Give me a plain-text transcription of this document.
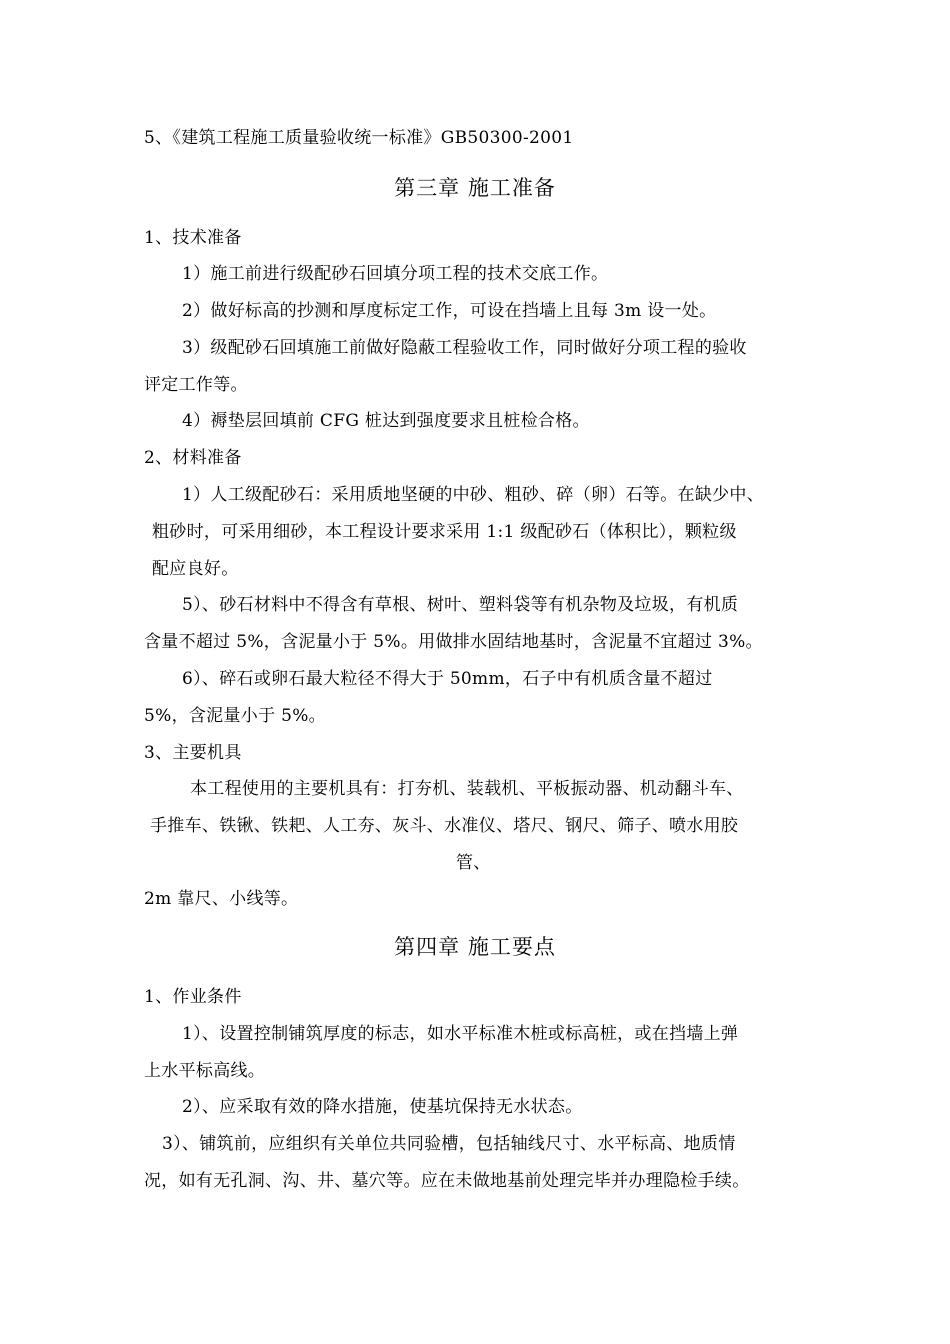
5、《建筑工程施工质量验收统一标准》GB50300-2001
第三章 施工准备
1、技术准备
1）施工前进行级配砂石回填分项工程的技术交底工作。
2）做好标高的抄测和厚度标定工作，可设在挡墙上且每 3m 设一处。
3）级配砂石回填施工前做好隐蔽工程验收工作，同时做好分项工程的验收
评定工作等。
4）褥垫层回填前 CFG 桩达到强度要求且桩检合格。
2、材料准备
1）人工级配砂石：采用质地坚硬的中砂、粗砂、碎（卵）石等。在缺少中、
粗砂时，可采用细砂，本工程设计要求采用 1:1 级配砂石（体积比），颗粒级
配应良好。
5）、砂石材料中不得含有草根、树叶、塑料袋等有机杂物及垃圾，有机质
含量不超过 5%，含泥量小于 5%。用做排水固结地基时，含泥量不宜超过 3%。
6）、碎石或卵石最大粒径不得大于 50mm，石子中有机质含量不超过
5%，含泥量小于 5%。
3、主要机具
本工程使用的主要机具有：打夯机、装载机、平板振动器、机动翻斗车、
手推车、铁锹、铁耙、人工夯、灰斗、水准仪、塔尺、钢尺、筛子、喷水用胶
管、
2m 靠尺、小线等。
第四章 施工要点
1、作业条件
1）、设置控制铺筑厚度的标志，如水平标准木桩或标高桩，或在挡墙上弹
上水平标高线。
2）、应采取有效的降水措施，使基坑保持无水状态。
3）、铺筑前，应组织有关单位共同验槽，包括轴线尺寸、水平标高、地质情
况，如有无孔洞、沟、井、墓穴等。应在未做地基前处理完毕并办理隐检手续。
